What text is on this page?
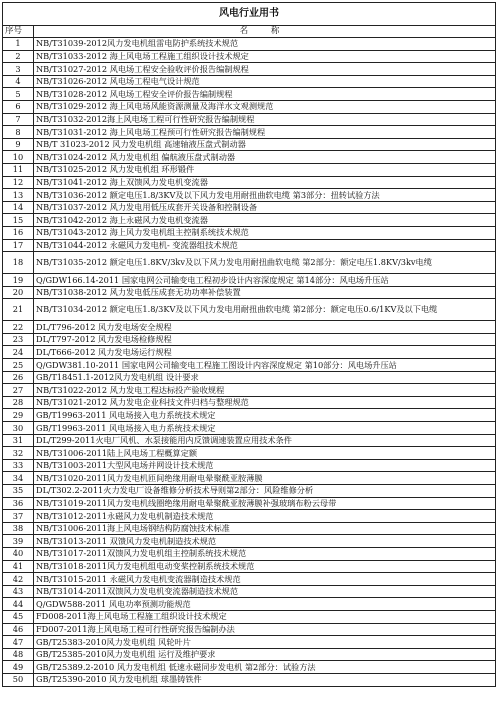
风电行业用书
序号	名 称
1	NB/T31039-2012风力发电机组雷电防护系统技术规范
2	NB/T31033-2012 海上风电场工程施工组织设计技术规定
3	NB/T31027-2012 风电场工程安全验收评价报告编制规程
4	NB/T31026-2012 风电场工程电气设计规范
5	NB/T31028-2012 风电场工程安全评价报告编制规程
6	NB/T31029-2012 海上风电场风能资源测量及海洋水文观测规范
7	NB/T31032-2012海上风电场工程可行性研究报告编制规程
8	NB/T31031-2012 海上风电场工程预可行性研究报告编制规程
9	NB/T 31023-2012 风力发电机组 高速轴液压盘式制动器
10	NB/T31024-2012 风力发电机组 偏航液压盘式制动器
11	NB/T31025-2012 风力发电机组 环形锻件
12	NB/T31041-2012 海上双馈风力发电机变流器
13	NB/T31036-2012 额定电压1.8/3KV及以下风力发电用耐扭曲软电缆 第3部分：扭转试验方法
14	NB/T31037-2012 风力发电用低压成套开关设备和控制设备
15	NB/T31042-2012 海上永磁风力发电机变流器
16	NB/T31043-2012 海上风力发电机组主控制系统技术规范
17	NB/T31044-2012 永磁风力发电机- 变流器组技术规范
18	NB/T31035-2012 额定电压1.8KV/3kv及以下风力发电用耐扭曲软电缆 第2部分：额定电压1.8KV/3kv电缆
19	Q/GDW166.14-2011 国家电网公司输变电工程初步设计内容深度规定 第14部分：风电场升压站
20	NB/T31038-2012 风力发电低压成套无功功率补偿装置
21	NB/T31034-2012 额定电压1.8/3KV及以下风力发电用耐扭曲软电缆 第2部分：额定电压0.6/1KV及以下电缆
22	DL/T796-2012 风力发电场安全规程
23	DL/T797-2012 风力发电场检修规程
24	DL/T666-2012 风力发电场运行规程
25	Q/GDW381.10-2011 国家电网公司输变电工程施工图设计内容深度规定 第10部分：风电场升压站
26	GB/T18451.1-2012风力发电机组 设计要求
27	NB/T31022-2012 风力发电工程达标投产验收规程
28	NB/T31021-2012 风力发电企业科技文件归档与整理规范
29	GB/T19963-2011 风电场接入电力系统技术规定
30	GB/T19963-2011 风电场接入电力系统技术规定
31	DL/T299-2011火电厂风机、水泵接能用内反馈调速装置应用技术条件
32	NB/T31006-2011陆上风电场工程概算定额
33	NB/T31003-2011大型风电场并网设计技术规范
34	NB/T31020-2011风力发电机匝间绝缘用耐电晕聚酰亚胺薄膜
35	DL/T302.2-2011火力发电厂设备维修分析技术导则第2部分：风险维修分析
36	NB/T31019-2011风力发电机线圈绝缘用耐电晕聚酰亚胺薄膜补强玻璃布粉云母带
37	NB/T31012-2011永磁风力发电机制造技术规范
38	NB/T31006-2011海上风电场钢结构防腐蚀技术标准
39	NB/T31013-2011 双馈风力发电机制造技术规范
40	NB/T31017-2011双馈风力发电机组主控制系统技术规范
41	NB/T31018-2011风力发电机组电动变桨控制系统技术规范
42	NB/T31015-2011 永磁风力发电机变流器制造技术规范
43	NB/T31014-2011双馈风力发电机变流器制造技术规范
44	Q/GDW588-2011 风电功率预测功能规范
45	FD008-2011海上风电场工程施工组织设计技术规定
46	FD007-2011海上风电场工程可行性研究报告编制办法
47	GB/T25383-2010风力发电机组 风轮叶片
48	GB/T25385-2010风力发电机组 运行及维护要求
49	GB/T25389.2-2010 风力发电机组 低速永磁同步发电机 第2部分：试验方法
50	GB/T25390-2010 风力发电机组 球墨铸铁件
